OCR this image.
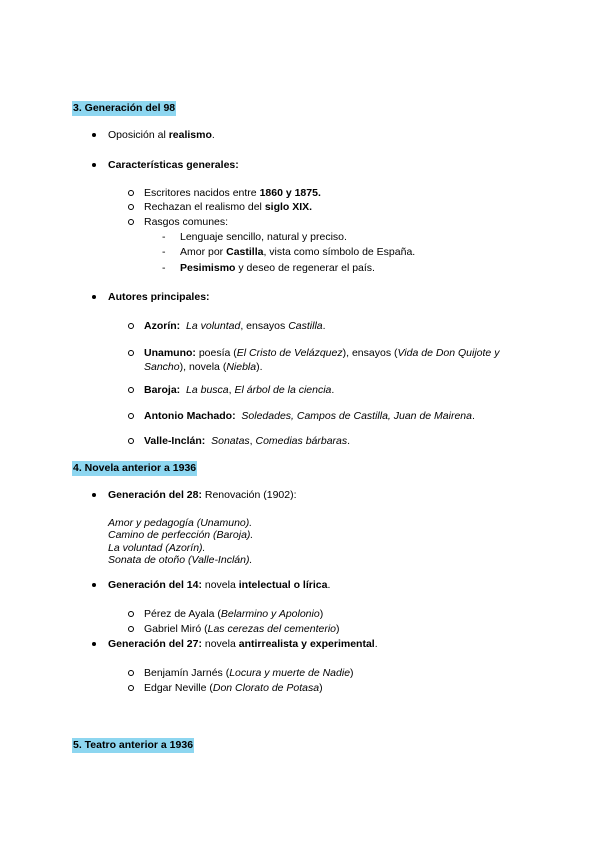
3. Generación del 98
Oposición al realismo.
Características generales:
Escritores nacidos entre 1860 y 1875.
Rechazan el realismo del siglo XIX.
Rasgos comunes:
- Lenguaje sencillo, natural y preciso.
- Amor por Castilla, vista como símbolo de España.
- Pesimismo y deseo de regenerar el país.
Autores principales:
Azorín: La voluntad, ensayos Castilla.
Unamuno: poesía (El Cristo de Velázquez), ensayos (Vida de Don Quijote y
Sancho), novela (Niebla).
Baroja: La busca, El árbol de la ciencia.
Antonio Machado: Soledades, Campos de Castilla, Juan de Mairena.
Valle-Inclán: Sonatas, Comedias bárbaras.
4. Novela anterior a 1936
Generación del 28: Renovación (1902):
Amor y pedagogía (Unamuno).
Camino de perfección (Baroja).
La voluntad (Azorín).
Sonata de otoño (Valle-Inclán).
Generación del 14: novela intelectual o lírica.
Pérez de Ayala (Belarmino y Apolonio)
Gabriel Miró (Las cerezas del cementerio)
Generación del 27: novela antirrealista y experimental.
Benjamín Jarnés (Locura y muerte de Nadie)
Edgar Neville (Don Clorato de Potasa)
5. Teatro anterior a 1936
